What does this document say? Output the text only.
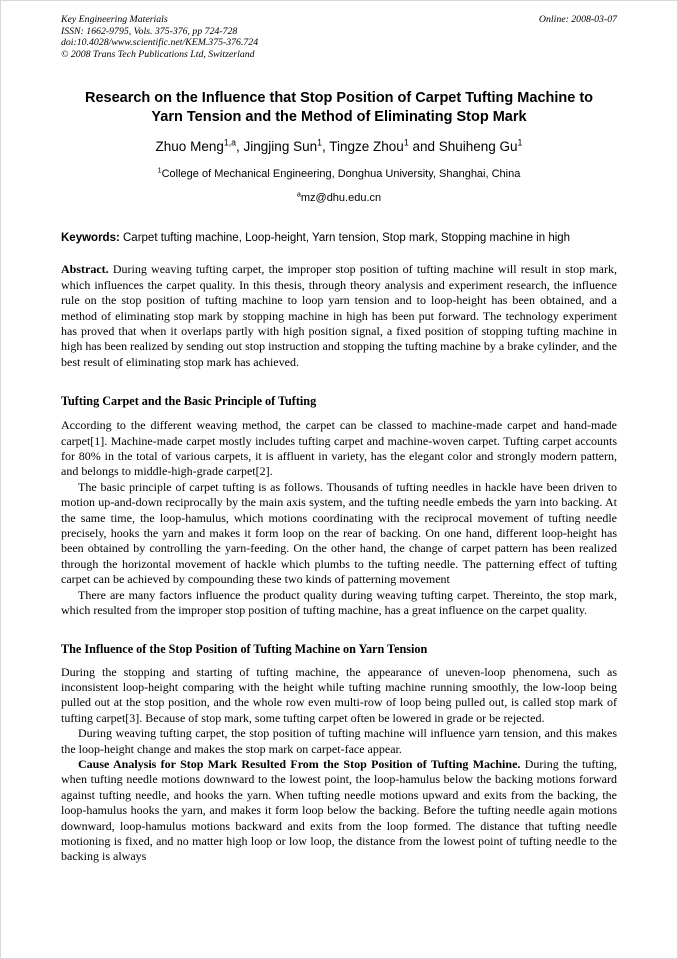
Key Engineering Materials
ISSN: 1662-9795, Vols. 375-376, pp 724-728
doi:10.4028/www.scientific.net/KEM.375-376.724
© 2008 Trans Tech Publications Ltd, Switzerland
Online: 2008-03-07
Research on the Influence that Stop Position of Carpet Tufting Machine to Yarn Tension and the Method of Eliminating Stop Mark
Zhuo Meng$^{1,a}$, Jingjing Sun$^1$, Tingze Zhou$^1$ and Shuiheng Gu$^1$
$^1$College of Mechanical Engineering, Donghua University, Shanghai, China
$^a$mz@dhu.edu.cn
Keywords: Carpet tufting machine, Loop-height, Yarn tension, Stop mark, Stopping machine in high
Abstract. During weaving tufting carpet, the improper stop position of tufting machine will result in stop mark, which influences the carpet quality. In this thesis, through theory analysis and experiment research, the influence rule on the stop position of tufting machine to loop yarn tension and to loop-height has been obtained, and a method of eliminating stop mark by stopping machine in high has been put forward. The technology experiment has proved that when it overlaps partly with high position signal, a fixed position of stopping tufting machine in high has been realized by sending out stop instruction and stopping the tufting machine by a brake cylinder, and the best result of eliminating stop mark has achieved.
Tufting Carpet and the Basic Principle of Tufting

According to the different weaving method, the carpet can be classed to machine-made carpet and hand-made carpet[1]. Machine-made carpet mostly includes tufting carpet and machine-woven carpet. Tufting carpet accounts for 80% in the total of various carpets, it is affluent in variety, has the elegant color and strongly modern pattern, and belongs to middle-high-grade carpet[2].

The basic principle of carpet tufting is as follows. Thousands of tufting needles in hackle have been driven to motion up-and-down reciprocally by the main axis system, and the tufting needle embeds the yarn into backing. At the same time, the loop-hamulus, which motions coordinating with the reciprocal movement of tufting needle precisely, hooks the yarn and makes it form loop on the rear of backing. On one hand, different loop-height has been obtained by controlling the yarn-feeding. On the other hand, the change of carpet pattern has been realized through the horizontal movement of hackle which plumbs to the tufting needle. The patterning effect of tufting carpet can be achieved by compounding these two kinds of patterning movement

There are many factors influence the product quality during weaving tufting carpet. Thereinto, the stop mark, which resulted from the improper stop position of tufting machine, has a great influence on the carpet quality.

The Influence of the Stop Position of Tufting Machine on Yarn Tension

During the stopping and starting of tufting machine, the appearance of uneven-loop phenomena, such as inconsistent loop-height comparing with the height while tufting machine running smoothly, the low-loop being pulled out at the stop position, and the whole row even multi-row of loop being pulled out, is called stop mark of tufting carpet[3]. Because of stop mark, some tufting carpet often be lowered in grade or be rejected.

During weaving tufting carpet, the stop position of tufting machine will influence yarn tension, and this makes the loop-height change and makes the stop mark on carpet-face appear.

Cause Analysis for Stop Mark Resulted From the Stop Position of Tufting Machine. During the tufting, when tufting needle motions downward to the lowest point, the loop-hamulus below the backing motions forward against tufting needle, and hooks the yarn. When tufting needle motions upward and exits from the backing, the loop-hamulus hooks the yarn, and makes it form loop below the backing. Before the tufting needle again motions downward, loop-hamulus motions backward and exits from the loop formed. The distance that tufting needle motioning is fixed, and no matter high loop or low loop, the distance from the lowest point of tufting needle to the backing is always
